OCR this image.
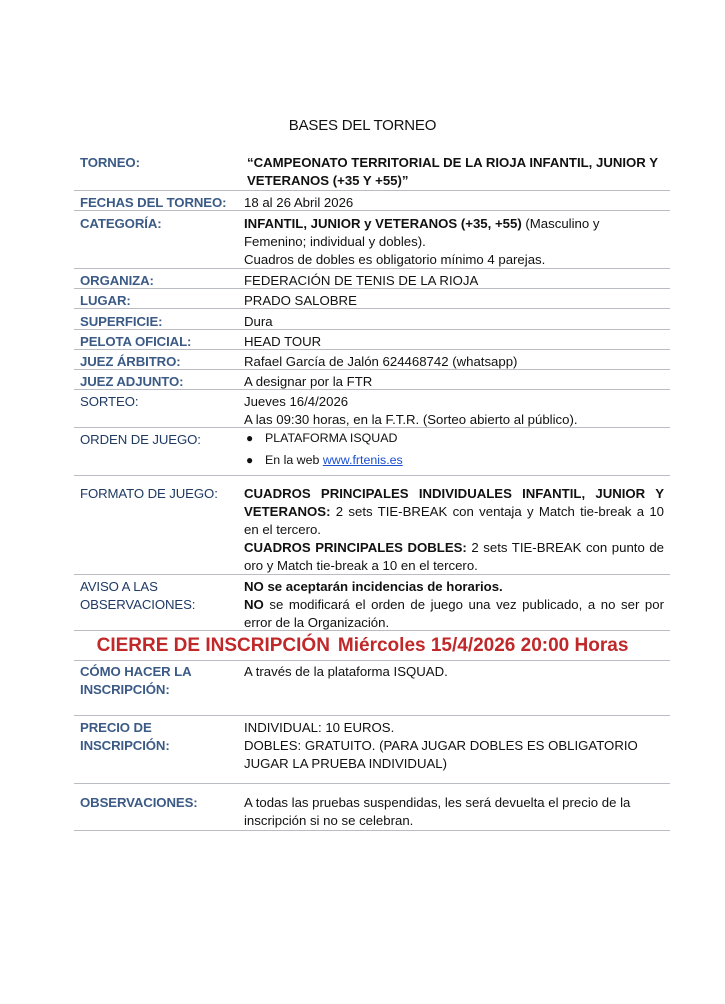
BASES DEL TORNEO
TORNEO:	“CAMPEONATO TERRITORIAL DE LA RIOJA INFANTIL, JUNIOR Y VETERANOS (+35 Y +55)”
FECHAS DEL TORNEO: 18 al 26 Abril 2026
CATEGORÍA:	INFANTIL, JUNIOR y VETERANOS (+35, +55) (Masculino y Femenino; individual y dobles).
Cuadros de dobles es obligatorio mínimo 4 parejas.
ORGANIZA:	FEDERACIÓN DE TENIS DE LA RIOJA
LUGAR:	PRADO SALOBRE
SUPERFICIE:	Dura
PELOTA OFICIAL:	HEAD TOUR
JUEZ ÁRBITRO:	Rafael García de Jalón 624468742 (whatsapp)
JUEZ ADJUNTO:	A designar por la FTR
SORTEO:	Jueves 16/4/2026
A las 09:30 horas, en la F.T.R. (Sorteo abierto al público).
ORDEN DE JUEGO:	● PLATAFORMA ISQUAD
● En la web www.frtenis.es
FORMATO DE JUEGO: CUADROS PRINCIPALES INDIVIDUALES INFANTIL, JUNIOR Y VETERANOS: 2 sets TIE-BREAK con ventaja y Match tie-break a 10 en el tercero.
CUADROS PRINCIPALES DOBLES: 2 sets TIE-BREAK con punto de oro y Match tie-break a 10 en el tercero.
AVISO A LAS
OBSERVACIONES:
NO se aceptarán incidencias de horarios.
NO se modificará el orden de juego una vez publicado, a no ser por error de la Organización.
CIERRE DE INSCRIPCIÓN Miércoles 15/4/2026 20:00 Horas
CÓMO HACER LA
INSCRIPCIÓN:
A través de la plataforma ISQUAD.
PRECIO DE
INSCRIPCIÓN:
INDIVIDUAL: 10 EUROS.
DOBLES: GRATUITO. (PARA JUGAR DOBLES ES OBLIGATORIO JUGAR LA PRUEBA INDIVIDUAL)
OBSERVACIONES:	A todas las pruebas suspendidas, les será devuelta el precio de la inscripción si no se celebran.
